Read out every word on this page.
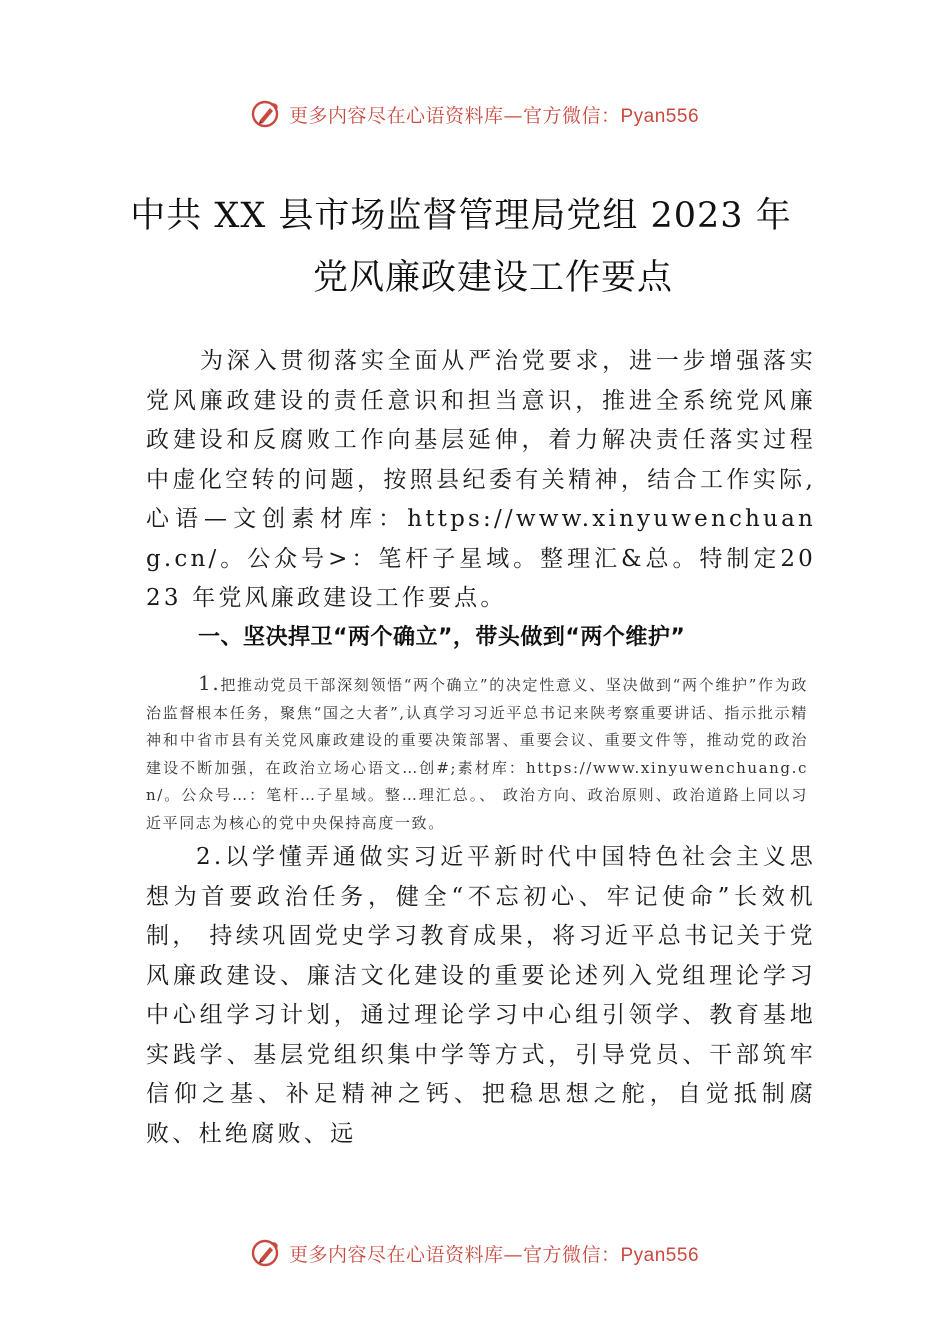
更多内容尽在心语资料库—官方微信：Pyan556
中共 XX 县市场监督管理局党组 2023 年
党风廉政建设工作要点
为深入贯彻落实全面从严治党要求，进一步增强落实党风廉政建设的责任意识和担当意识，推进全系统党风廉政建设和反腐败工作向基层延伸，着力解决责任落实过程中虚化空转的问题，按照县纪委有关精神，结合工作实际,心语—文创素材库：https://www.xinyuwenchuang.cn/。公众号>：笔杆子星域。整理汇&总。特制定2023 年党风廉政建设工作要点。
一、坚决捍卫“两个确立”，带头做到“两个维护”
1.把推动党员干部深刻领悟“两个确立”的决定性意义、坚决做到“两个维护”作为政治监督根本任务，聚焦“国之大者”,认真学习习近平总书记来陕考察重要讲话、指示批示精神和中省市县有关党风廉政建设的重要决策部署、重要会议、重要文件等，推动党的政治建设不断加强，在政治立场心语文…创#;素材库：https://www.xinyuwenchuang.cn/。公众号…：笔杆…子星域。整…理汇总。、 政治方向、政治原则、政治道路上同以习近平同志为核心的党中央保持高度一致。
2.以学懂弄通做实习近平新时代中国特色社会主义思想为首要政治任务，健全“不忘初心、牢记使命”长效机制， 持续巩固党史学习教育成果，将习近平总书记关于党风廉政建设、廉洁文化建设的重要论述列入党组理论学习中心组学习计划，通过理论学习中心组引领学、教育基地实践学、基层党组织集中学等方式，引导党员、干部筑牢信仰之基、补足精神之钙、把稳思想之舵，自觉抵制腐败、杜绝腐败、远
更多内容尽在心语资料库—官方微信：Pyan556
